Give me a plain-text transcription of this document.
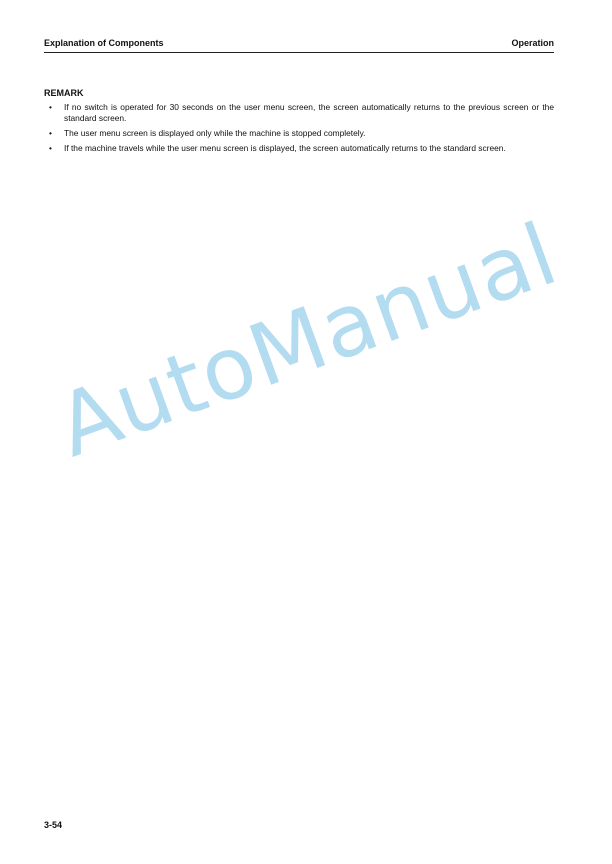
Explanation of Components	Operation
REMARK
• If no switch is operated for 30 seconds on the user menu screen, the screen automatically returns to the previous screen or the standard screen.
• The user menu screen is displayed only while the machine is stopped completely.
• If the machine travels while the user menu screen is displayed, the screen automatically returns to the standard screen.
AutoManual
3-54
